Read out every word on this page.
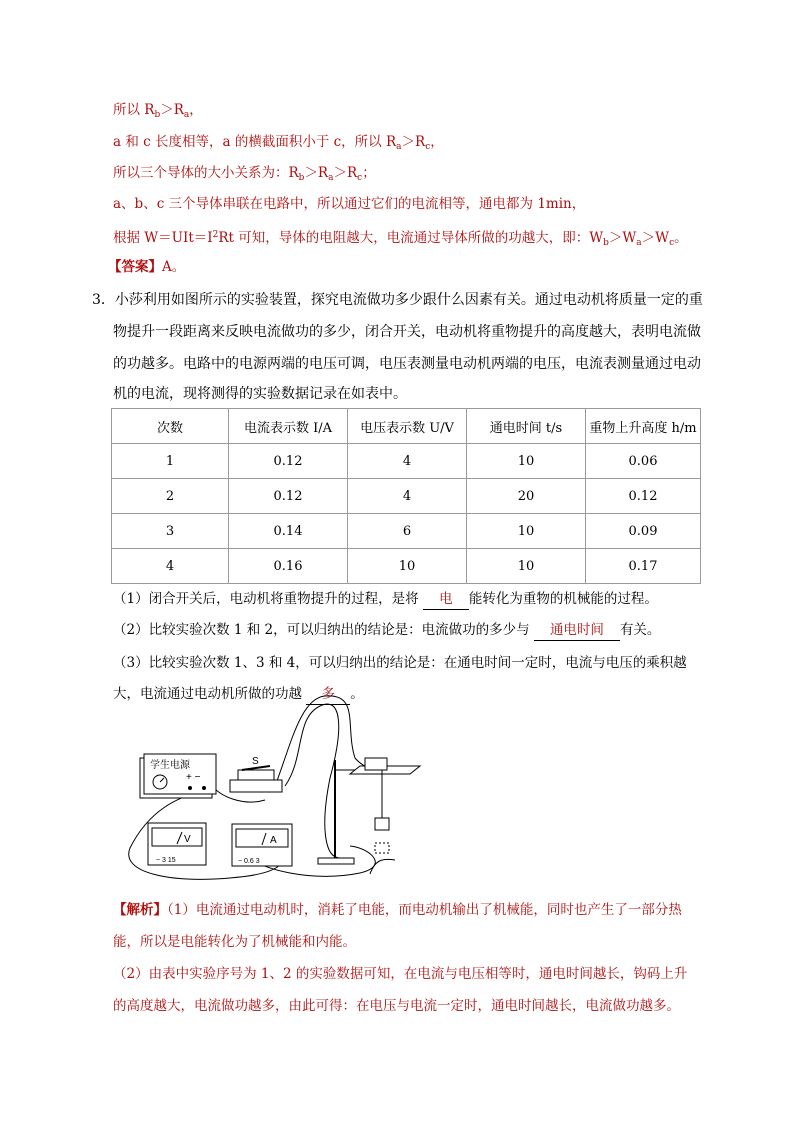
所以 $R_b>R_a$，
a 和 c 长度相等，a 的横截面积小于 c，所以 $R_a>R_c$，
所以三个导体的大小关系为：$R_b>R_a>R_c$；
a、b、c 三个导体串联在电路中，所以通过它们的电流相等，通电都为 1min，
根据 $W=UIt=I^2Rt$ 可知，导体的电阻越大，电流通过导体所做的功越大，即：$W_b>W_a>W_c$。
【答案】A。
3．小莎利用如图所示的实验装置，探究电流做功多少跟什么因素有关。通过电动机将质量一定的重
物提升一段距离来反映电流做功的多少，闭合开关，电动机将重物提升的高度越大，表明电流做
的功越多。电路中的电源两端的电压可调，电压表测量电动机两端的电压，电流表测量通过电动
机的电流，现将测得的实验数据记录在如表中。
次数	电流表示数 I/A	电压表示数 U/V	通电时间 t/s	重物上升高度 h/m
1	0.12	4	10	0.06
2	0.12	4	20	0.12
3	0.14	6	10	0.09
4	0.16	10	10	0.17
（1）闭合开关后，电动机将重物提升的过程，是将 电 能转化为重物的机械能的过程。
（2）比较实验次数 1 和 2，可以归纳出的结论是：电流做功的多少与 通电时间 有关。
（3）比较实验次数 1、3 和 4，可以归纳出的结论是：在通电时间一定时，电流与电压的乘积越
大，电流通过电动机所做的功越 多 。
学生电源
+ −
S
V
− 3 15
A
− 0.6 3
【解析】（1）电流通过电动机时，消耗了电能，而电动机输出了机械能，同时也产生了一部分热
能，所以是电能转化为了机械能和内能。
（2）由表中实验序号为 1、2 的实验数据可知，在电流与电压相等时，通电时间越长，钩码上升
的高度越大，电流做功越多，由此可得：在电压与电流一定时，通电时间越长，电流做功越多。
